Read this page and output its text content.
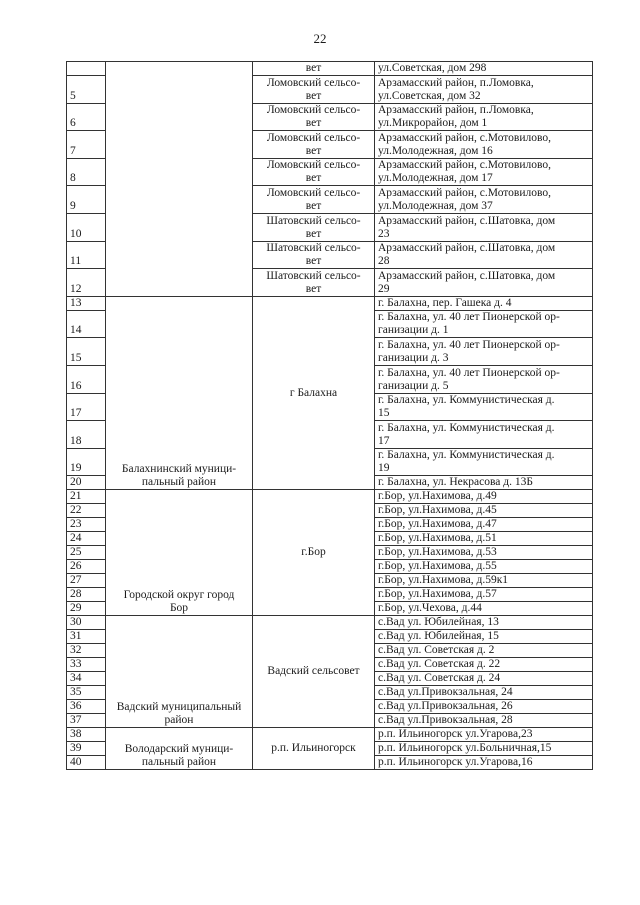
22
		вет	ул.Советская, дом 298
5		Ломовский сельсо-
вет	Арзамасский район, п.Ломовка,
ул.Советская, дом 32
6		Ломовский сельсо-
вет	Арзамасский район, п.Ломовка,
ул.Микрорайон, дом 1
7		Ломовский сельсо-
вет	Арзамасский район, с.Мотовилово,
ул.Молодежная, дом 16
8		Ломовский сельсо-
вет	Арзамасский район, с.Мотовилово,
ул.Молодежная, дом 17
9		Ломовский сельсо-
вет	Арзамасский район, с.Мотовилово,
ул.Молодежная, дом 37
10		Шатовский сельсо-
вет	Арзамасский район, с.Шатовка, дом
23
11		Шатовский сельсо-
вет	Арзамасский район, с.Шатовка, дом
28
12		Шатовский сельсо-
вет	Арзамасский район, с.Шатовка, дом
29
13	Балахнинский муници-
пальный район	г Балахна	г. Балахна, пер. Гашека д. 4
14			г. Балахна, ул. 40 лет Пионерской ор-
ганизации д. 1
15			г. Балахна, ул. 40 лет Пионерской ор-
ганизации д. 3
16			г. Балахна, ул. 40 лет Пионерской ор-
ганизации д. 5
17			г. Балахна, ул. Коммунистическая д.
15
18			г. Балахна, ул. Коммунистическая д.
17
19			г. Балахна, ул. Коммунистическая д.
19
20			г. Балахна, ул. Некрасова д. 13Б
21	Городской округ город
Бор	г.Бор	г.Бор, ул.Нахимова, д.49
22			г.Бор, ул.Нахимова, д.45
23			г.Бор, ул.Нахимова, д.47
24			г.Бор, ул.Нахимова, д.51
25			г.Бор, ул.Нахимова, д.53
26			г.Бор, ул.Нахимова, д.55
27			г.Бор, ул.Нахимова, д.59к1
28			г.Бор, ул.Нахимова, д.57
29			г.Бор, ул.Чехова, д.44
30	Вадский муниципальный
район	Вадский сельсовет	с.Вад ул. Юбилейная, 13
31			с.Вад ул. Юбилейная, 15
32			с.Вад ул. Советская д. 2
33			с.Вад ул. Советская д. 22
34			с.Вад ул. Советская д. 24
35			с.Вад ул.Привокзальная, 24
36			с.Вад ул.Привокзальная, 26
37			с.Вад ул.Привокзальная, 28
38	Володарский муници-
пальный район	р.п. Ильиногорск	р.п. Ильиногорск ул.Угарова,23
39			р.п. Ильиногорск ул.Больничная,15
40			р.п. Ильиногорск ул.Угарова,16
